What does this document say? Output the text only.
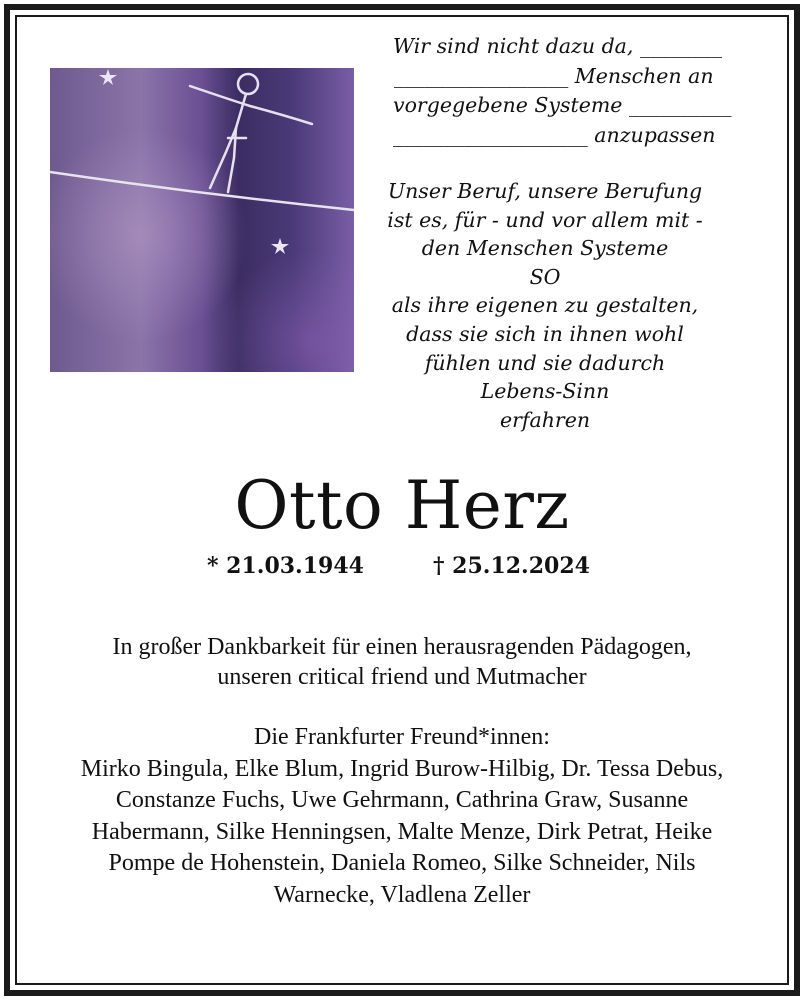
Wir sind nicht dazu da, ________
_________________ Menschen an
vorgegebene Systeme __________
___________________ anzupassen
Unser Beruf, unsere Berufung
ist es, für - und vor allem mit -
den Menschen Systeme
SO
als ihre eigenen zu gestalten,
dass sie sich in ihnen wohl
fühlen und sie dadurch
Lebens-Sinn
erfahren
Otto Herz
* 21.03.1944	† 25.12.2024
In großer Dankbarkeit für einen herausragenden Pädagogen,
unseren critical friend und Mutmacher
Die Frankfurter Freund*innen:
Mirko Bingula, Elke Blum, Ingrid Burow-Hilbig, Dr. Tessa Debus,
Constanze Fuchs, Uwe Gehrmann, Cathrina Graw, Susanne
Habermann, Silke Henningsen, Malte Menze, Dirk Petrat, Heike
Pompe de Hohenstein, Daniela Romeo, Silke Schneider, Nils
Warnecke, Vladlena Zeller
